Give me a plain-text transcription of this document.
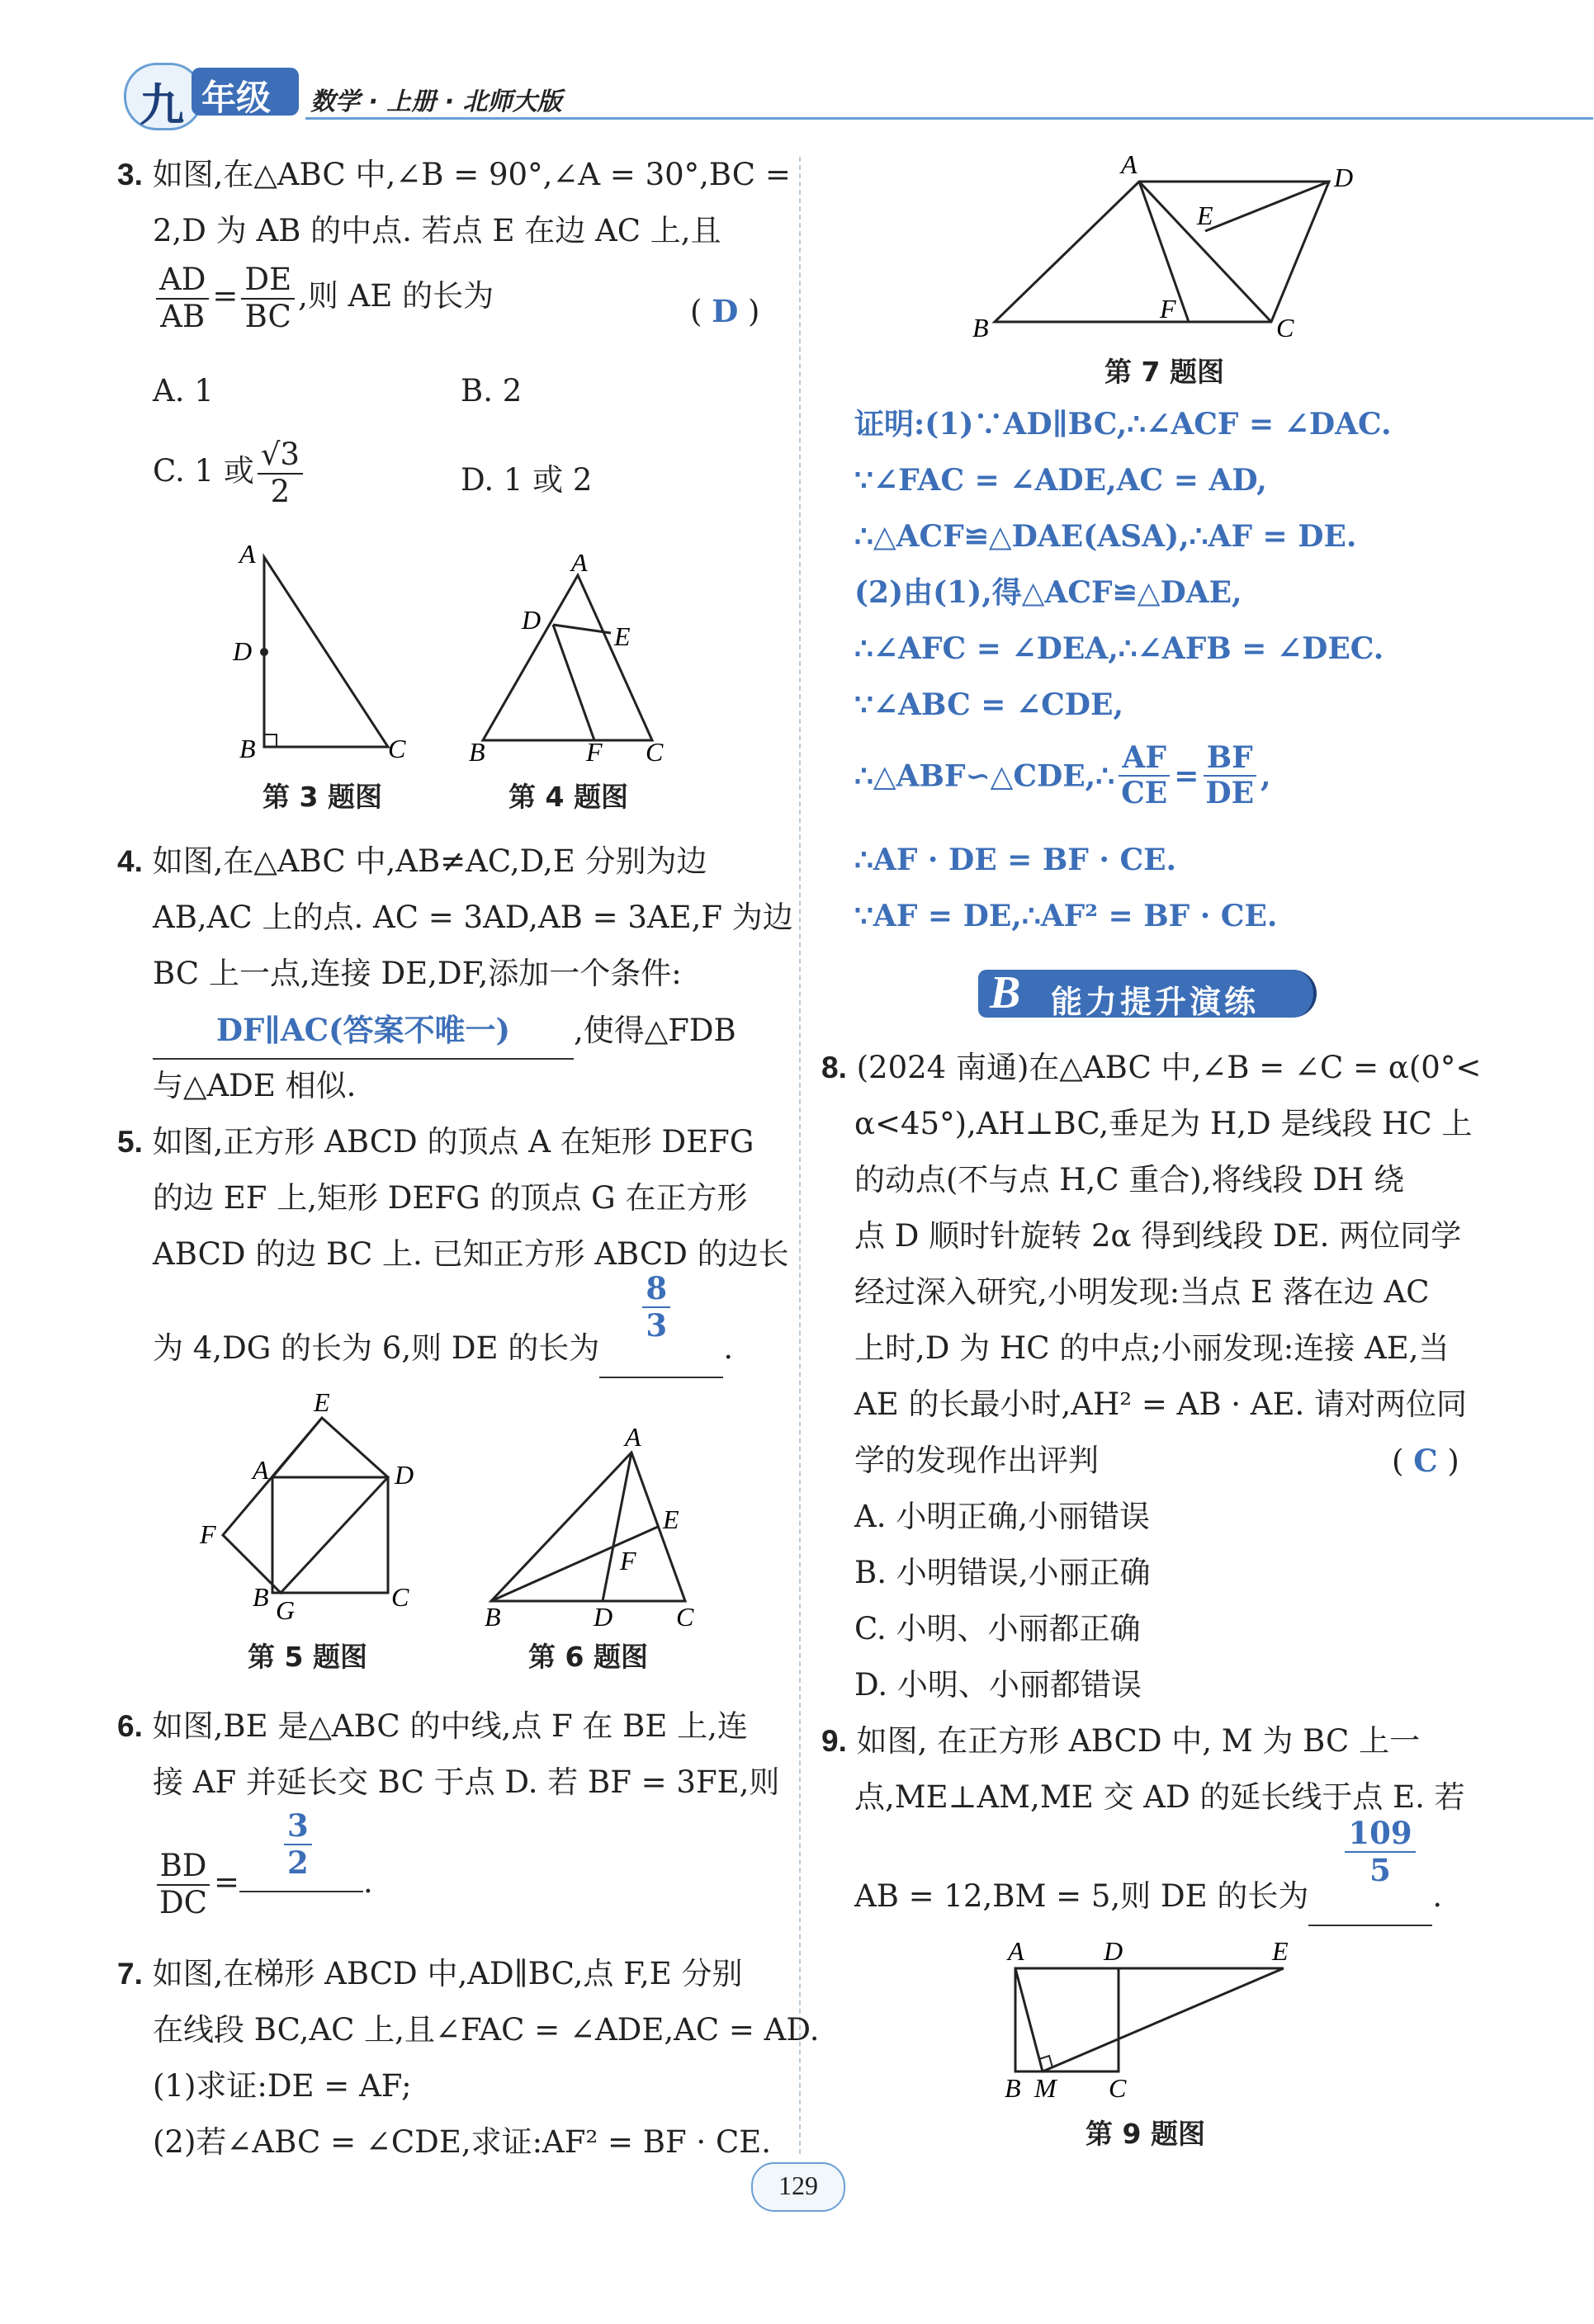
九 年级 数学 · 上册 · 北师大版
3. 如图,在△ABC 中,∠B = 90°,∠A = 30°,BC =
2,D 为 AB 的中点. 若点 E 在边 AC 上,且
$\frac{AD}{AB} = \frac{DE}{BC}$ ,则 AE 的长为	( D )
A. 1	B. 2
C. 1 或 $\frac{√3}{2}$	D. 1 或 2
A
D
B	C
第 3 题图
A
D
E
B	F C
第 4 题图
4. 如图,在△ABC 中,AB≠AC,D,E 分别为边
AB,AC 上的点. AC = 3AD,AB = 3AE,F 为边
BC 上一点,连接 DE,DF,添加一个条件:
DF∥AC(答案不唯一) ,使得△FDB
与△ADE 相似.
5. 如图,正方形 ABCD 的顶点 A 在矩形 DEFG
的边 EF 上,矩形 DEFG 的顶点 G 在正方形
ABCD 的边 BC 上. 已知正方形 ABCD 的边长
为 4,DG 的长为 6,则 DE 的长为
$\frac{8}{3}$
.
E
A	D
F
B G	C
第 5 题图
A
E
F
B	D C
第 6 题图
6. 如图,BE 是△ABC 的中线,点 F 在 BE 上,连
接 AF 并延长交 BC 于点 D. 若 BF = 3FE,则
$\frac{BD}{DC}$ =
$\frac{3}{2}$
.
7. 如图,在梯形 ABCD 中,AD∥BC,点 F,E 分别
在线段 BC,AC 上,且∠FAC = ∠ADE,AC = AD.
(1)求证:DE = AF;
(2)若∠ABC = ∠CDE,求证:AF² = BF · CE.
A	D
E
B
F
C
第 7 题图
证明:(1)∵AD∥BC,∴∠ACF = ∠DAC.
∵∠FAC = ∠ADE,AC = AD,
∴△ACF≌△DAE(ASA),∴AF = DE.
(2)由(1),得△ACF≌△DAE,
∴∠AFC = ∠DEA,∴∠AFB = ∠DEC.
∵∠ABC = ∠CDE,
∴△ABF∽△CDE,∴ $\frac{AF}{CE} = \frac{BF}{DE}$ ,
∴AF · DE = BF · CE.
∵AF = DE,∴AF² = BF · CE.
B 能力提升演练
8. (2024 南通)在△ABC 中,∠B = ∠C = α(0°<
α<45°),AH⊥BC,垂足为 H,D 是线段 HC 上
的动点(不与点 H,C 重合),将线段 DH 绕
点 D 顺时针旋转 2α 得到线段 DE. 两位同学
经过深入研究,小明发现:当点 E 落在边 AC
上时,D 为 HC 的中点;小丽发现:连接 AE,当
AE 的长最小时,AH² = AB · AE. 请对两位同
学的发现作出评判	( C )
A. 小明正确,小丽错误
B. 小明错误,小丽正确
C. 小明、小丽都正确
D. 小明、小丽都错误
9. 如图, 在正方形 ABCD 中, M 为 BC 上一
点,ME⊥AM,ME 交 AD 的延长线于点 E. 若
AB = 12,BM = 5,则 DE 的长为
$\frac{109}{5}$
.
A	D	E
B M C
第 9 题图
129
